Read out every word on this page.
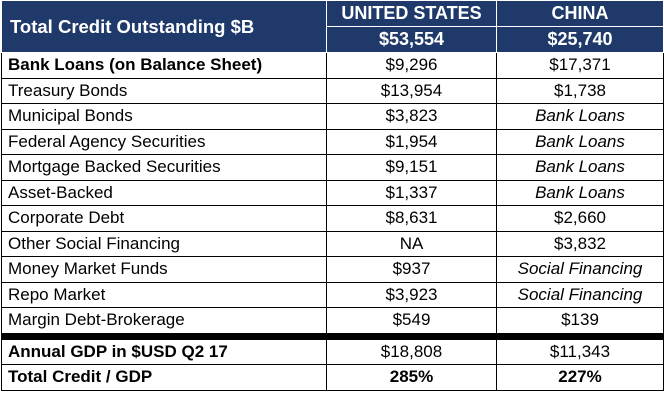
Total Credit Outstanding $B	UNITED STATES	CHINA
	$53,554	$25,740
Bank Loans (on Balance Sheet)	$9,296	$17,371
Treasury Bonds	$13,954	$1,738
Municipal Bonds	$3,823	Bank Loans
Federal Agency Securities	$1,954	Bank Loans
Mortgage Backed Securities	$9,151	Bank Loans
Asset-Backed	$1,337	Bank Loans
Corporate Debt	$8,631	$2,660
Other Social Financing	NA	$3,832
Money Market Funds	$937	Social Financing
Repo Market	$3,923	Social Financing
Margin Debt-Brokerage	$549	$139
Annual GDP in $USD Q2 17	$18,808	$11,343
Total Credit / GDP	285%	227%
